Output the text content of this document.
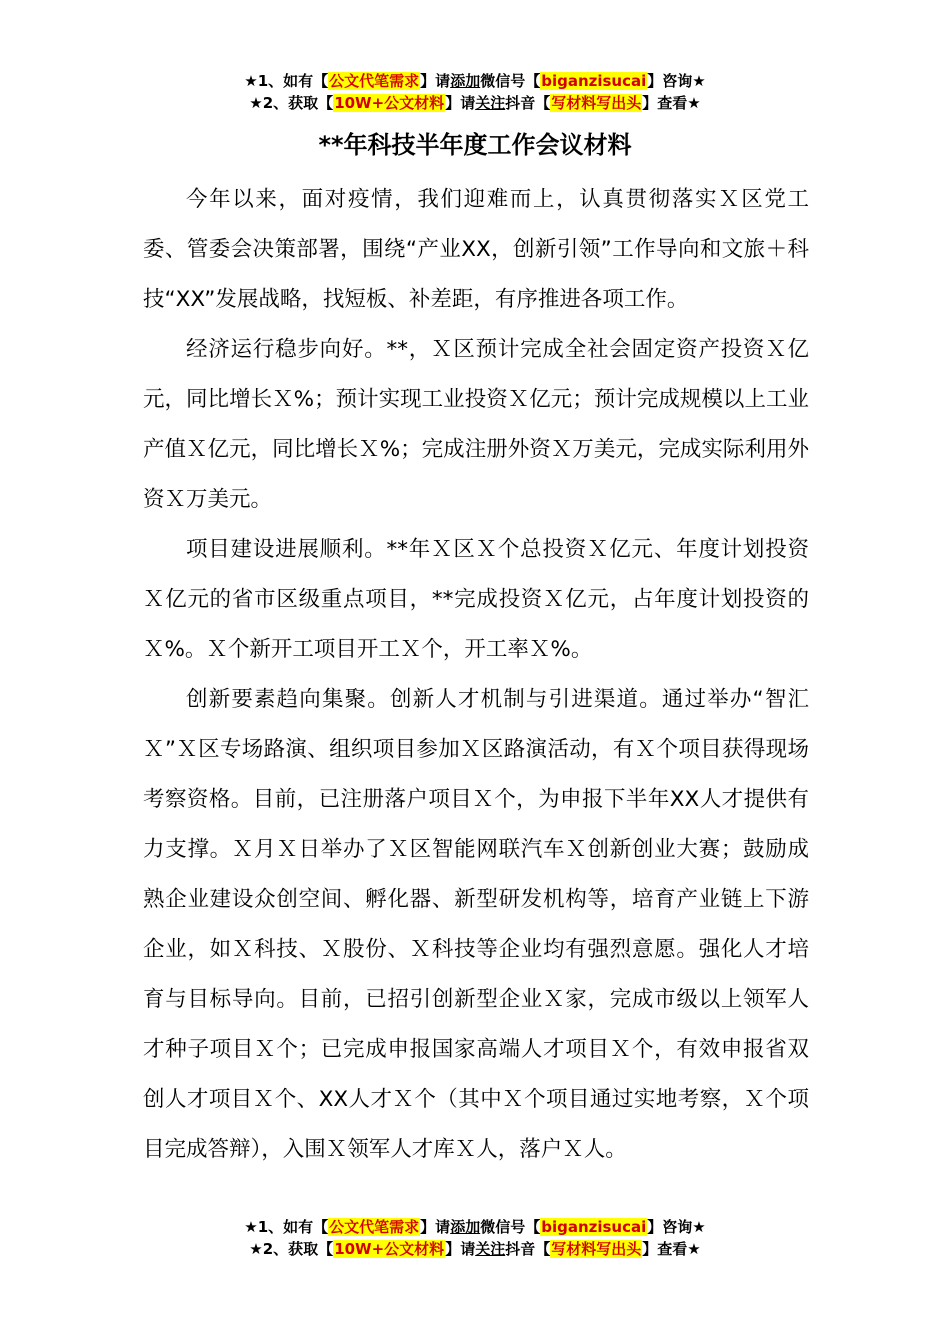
★1、如有【公文代笔需求】请添加微信号【biganzisucai】咨询★
★2、获取【10W+公文材料】请关注抖音【写材料写出头】查看★
**年科技半年度工作会议材料

今年以来，面对疫情，我们迎难而上，认真贯彻落实Ｘ区党工委、管委会决策部署，围绕“产业XX，创新引领”工作导向和文旅＋科技“XX”发展战略，找短板、补差距，有序推进各项工作。

经济运行稳步向好。**，Ｘ区预计完成全社会固定资产投资Ｘ亿元，同比增长Ｘ%；预计实现工业投资Ｘ亿元；预计完成规模以上工业产值Ｘ亿元，同比增长Ｘ%；完成注册外资Ｘ万美元，完成实际利用外资Ｘ万美元。

项目建设进展顺利。**年Ｘ区Ｘ个总投资Ｘ亿元、年度计划投资Ｘ亿元的省市区级重点项目，**完成投资Ｘ亿元，占年度计划投资的Ｘ%。Ｘ个新开工项目开工Ｘ个，开工率Ｘ%。

创新要素趋向集聚。创新人才机制与引进渠道。通过举办“智汇Ｘ”Ｘ区专场路演、组织项目参加Ｘ区路演活动，有Ｘ个项目获得现场考察资格。目前，已注册落户项目Ｘ个，为申报下半年XX人才提供有力支撑。Ｘ月Ｘ日举办了Ｘ区智能网联汽车Ｘ创新创业大赛；鼓励成熟企业建设众创空间、孵化器、新型研发机构等，培育产业链上下游企业，如Ｘ科技、Ｘ股份、Ｘ科技等企业均有强烈意愿。强化人才培育与目标导向。目前，已招引创新型企业Ｘ家，完成市级以上领军人才种子项目Ｘ个；已完成申报国家高端人才项目Ｘ个，有效申报省双创人才项目Ｘ个、XX人才Ｘ个（其中Ｘ个项目通过实地考察，Ｘ个项目完成答辩），入围Ｘ领军人才库Ｘ人，落户Ｘ人。

★1、如有【公文代笔需求】请添加微信号【biganzisucai】咨询★
★2、获取【10W+公文材料】请关注抖音【写材料写出头】查看★
